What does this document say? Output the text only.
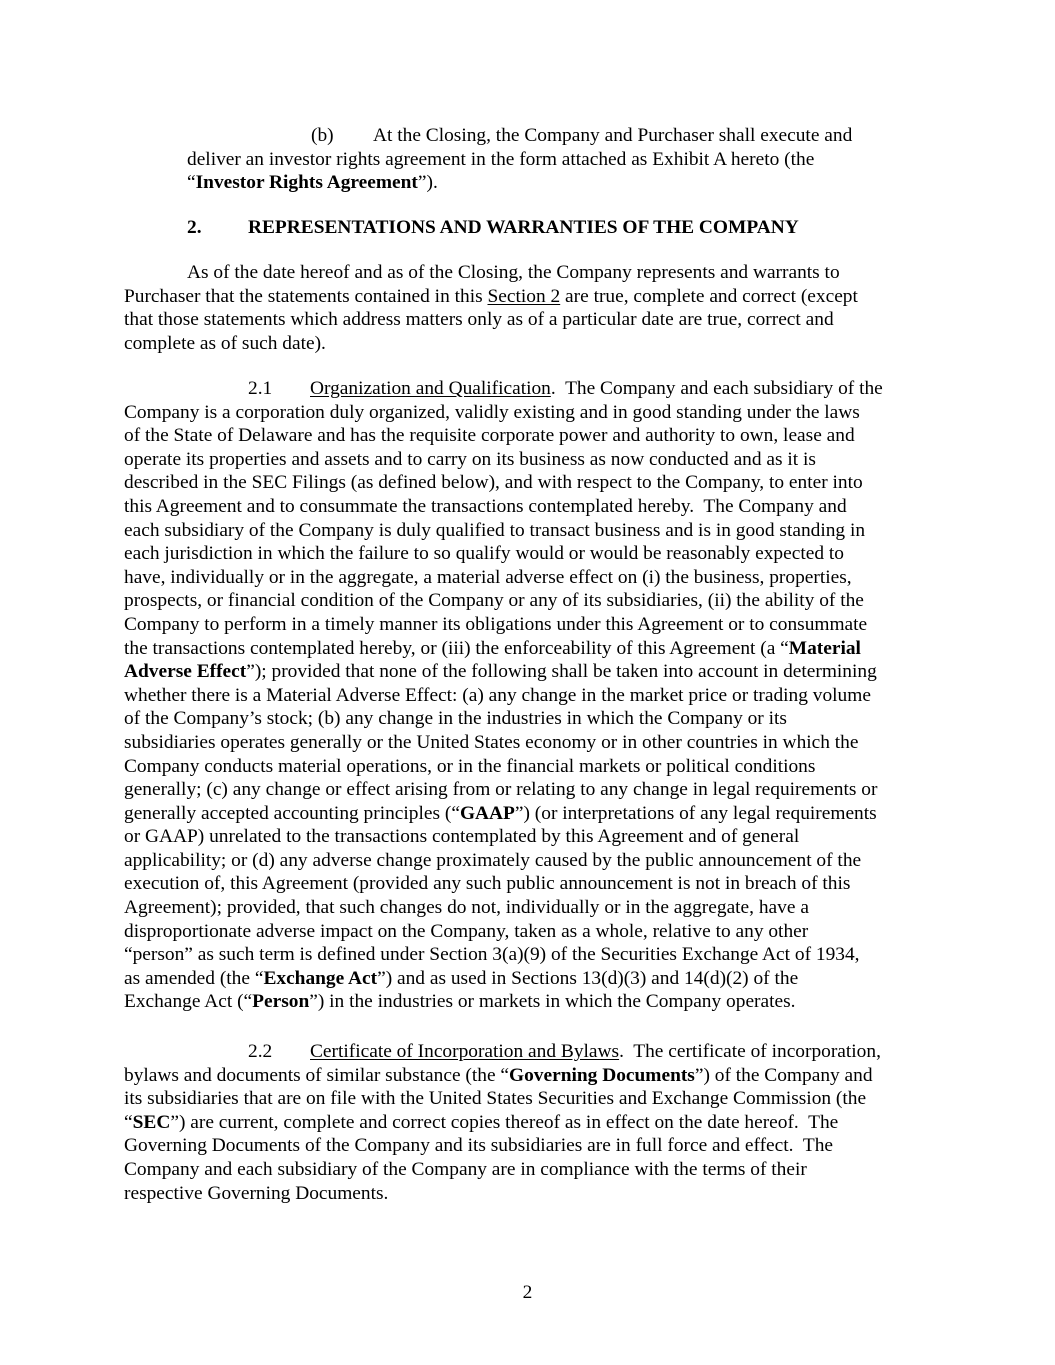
(b) At the Closing, the Company and Purchaser shall execute and
deliver an investor rights agreement in the form attached as Exhibit A hereto (the
“Investor Rights Agreement”).
2. REPRESENTATIONS AND WARRANTIES OF THE COMPANY
As of the date hereof and as of the Closing, the Company represents and warrants to
Purchaser that the statements contained in this Section 2 are true, complete and correct (except
that those statements which address matters only as of a particular date are true, correct and
complete as of such date).
2.1 Organization and Qualification.  The Company and each subsidiary of the
Company is a corporation duly organized, validly existing and in good standing under the laws
of the State of Delaware and has the requisite corporate power and authority to own, lease and
operate its properties and assets and to carry on its business as now conducted and as it is
described in the SEC Filings (as defined below), and with respect to the Company, to enter into
this Agreement and to consummate the transactions contemplated hereby.  The Company and
each subsidiary of the Company is duly qualified to transact business and is in good standing in
each jurisdiction in which the failure to so qualify would or would be reasonably expected to
have, individually or in the aggregate, a material adverse effect on (i) the business, properties,
prospects, or financial condition of the Company or any of its subsidiaries, (ii) the ability of the
Company to perform in a timely manner its obligations under this Agreement or to consummate
the transactions contemplated hereby, or (iii) the enforceability of this Agreement (a “Material
Adverse Effect”); provided that none of the following shall be taken into account in determining
whether there is a Material Adverse Effect: (a) any change in the market price or trading volume
of the Company’s stock; (b) any change in the industries in which the Company or its
subsidiaries operates generally or the United States economy or in other countries in which the
Company conducts material operations, or in the financial markets or political conditions
generally; (c) any change or effect arising from or relating to any change in legal requirements or
generally accepted accounting principles (“GAAP”) (or interpretations of any legal requirements
or GAAP) unrelated to the transactions contemplated by this Agreement and of general
applicability; or (d) any adverse change proximately caused by the public announcement of the
execution of, this Agreement (provided any such public announcement is not in breach of this
Agreement); provided, that such changes do not, individually or in the aggregate, have a
disproportionate adverse impact on the Company, taken as a whole, relative to any other
“person” as such term is defined under Section 3(a)(9) of the Securities Exchange Act of 1934,
as amended (the “Exchange Act”) and as used in Sections 13(d)(3) and 14(d)(2) of the
Exchange Act (“Person”) in the industries or markets in which the Company operates.
2.2 Certificate of Incorporation and Bylaws.  The certificate of incorporation,
bylaws and documents of similar substance (the “Governing Documents”) of the Company and
its subsidiaries that are on file with the United States Securities and Exchange Commission (the
“SEC”) are current, complete and correct copies thereof as in effect on the date hereof.  The
Governing Documents of the Company and its subsidiaries are in full force and effect.  The
Company and each subsidiary of the Company are in compliance with the terms of their
respective Governing Documents.
2
